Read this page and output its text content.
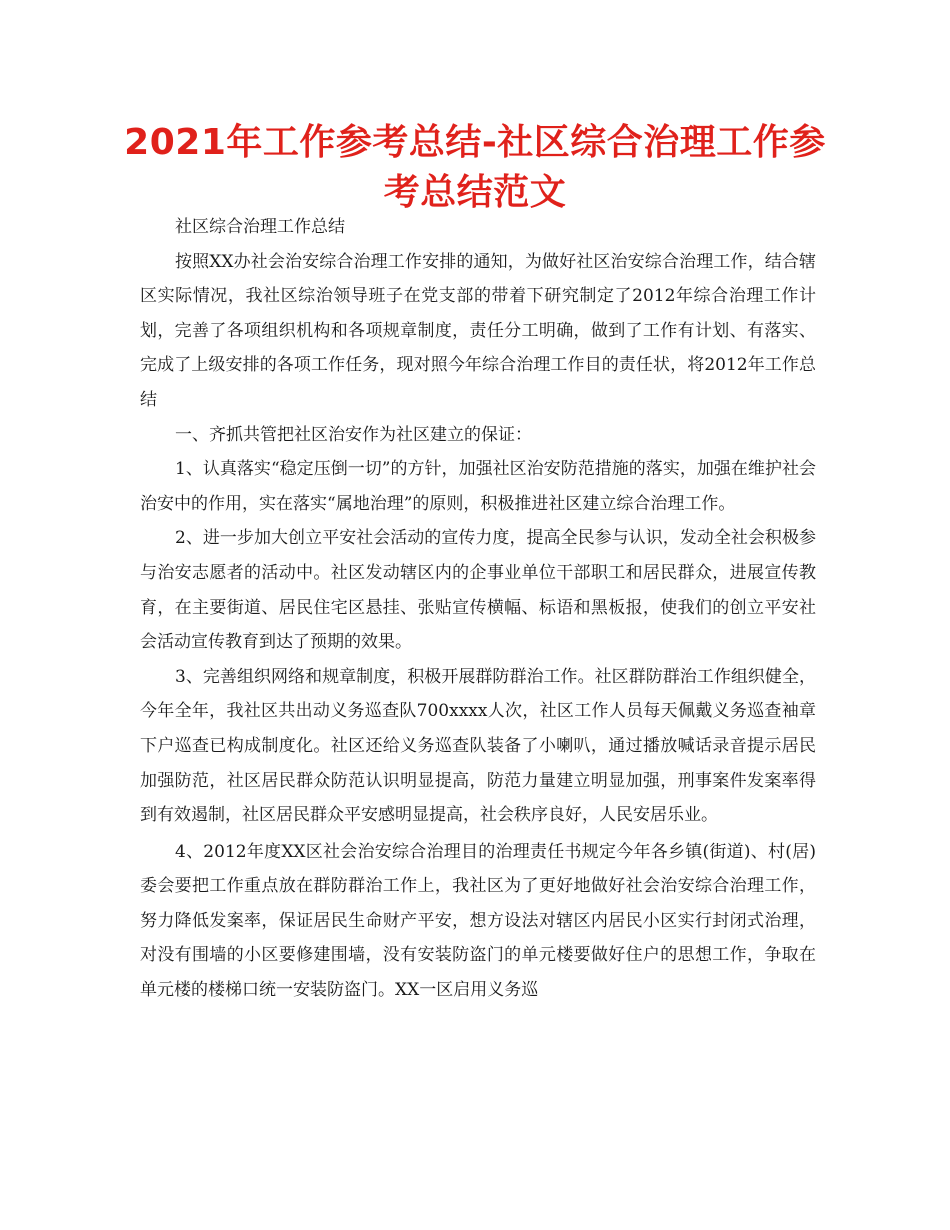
2021年工作参考总结-社区综合治理工作参考总结范文

社区综合治理工作总结

按照XX办社会治安综合治理工作安排的通知，为做好社区治安综合治理工作，结合辖区实际情况，我社区综治领导班子在党支部的带着下研究制定了2012年综合治理工作计划，完善了各项组织机构和各项规章制度，责任分工明确，做到了工作有计划、有落实、完成了上级安排的各项工作任务，现对照今年综合治理工作目的责任状，将2012年工作总结

一、齐抓共管把社区治安作为社区建立的保证：

1、认真落实“稳定压倒一切”的方针，加强社区治安防范措施的落实，加强在维护社会治安中的作用，实在落实“属地治理”的原则，积极推进社区建立综合治理工作。

2、进一步加大创立平安社会活动的宣传力度，提高全民参与认识，发动全社会积极参与治安志愿者的活动中。社区发动辖区内的企事业单位干部职工和居民群众，进展宣传教育，在主要街道、居民住宅区悬挂、张贴宣传横幅、标语和黑板报，使我们的创立平安社会活动宣传教育到达了预期的效果。

3、完善组织网络和规章制度，积极开展群防群治工作。社区群防群治工作组织健全，今年全年，我社区共出动义务巡查队700xxxx人次，社区工作人员每天佩戴义务巡查袖章下户巡查已构成制度化。社区还给义务巡查队装备了小喇叭，通过播放喊话录音提示居民加强防范，社区居民群众防范认识明显提高，防范力量建立明显加强，刑事案件发案率得到有效遏制，社区居民群众平安感明显提高，社会秩序良好，人民安居乐业。

4、2012年度XX区社会治安综合治理目的治理责任书规定今年各乡镇(街道)、村(居)委会要把工作重点放在群防群治工作上，我社区为了更好地做好社会治安综合治理工作，努力降低发案率，保证居民生命财产平安，想方设法对辖区内居民小区实行封闭式治理，对没有围墙的小区要修建围墙，没有安装防盗门的单元楼要做好住户的思想工作，争取在单元楼的楼梯口统一安装防盗门。XX一区启用义务巡
